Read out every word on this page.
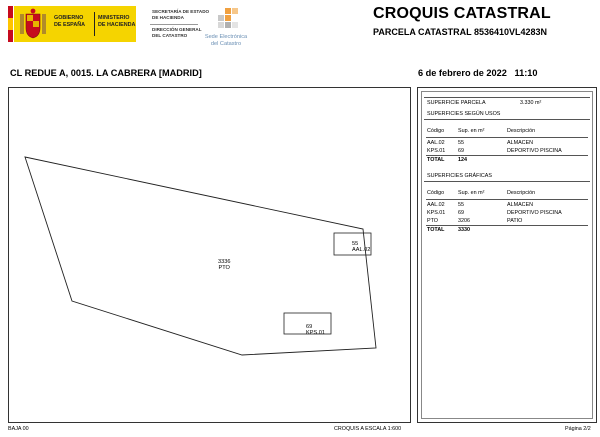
GOBIERNO
DE ESPAÑA
MINISTERIO
DE HACIENDA
SECRETARÍA DE ESTADO
DE HACIENDA
DIRECCIÓN GENERAL
DEL CATASTRO	Sede Electrónica
del Catastro
CROQUIS CATASTRAL
PARCELA CATASTRAL 8536410VL4283N
CL REDUE A, 0015. LA CABRERA [MADRID]	6 de febrero de 2022 11:10
3336
PTO
55
AAL.02
69
KPS.01
SUPERFICIE PARCELA	3.330 m²
SUPERFICIES SEGÚN USOS
Código	Sup. en m²	Descripción
AAL.02 55	ALMACEN
KPS.01 69	DEPORTIVO PISCINA
TOTAL	124
SUPERFICIES GRÁFICAS
Código	Sup. en m²	Descripción
AAL.02 55	ALMACEN
KPS.01 69	DEPORTIVO PISCINA
PTO	3206	PATIO
TOTAL	3330
BAJA 00	CROQUIS A ESCALA 1:600	Página 2/2
